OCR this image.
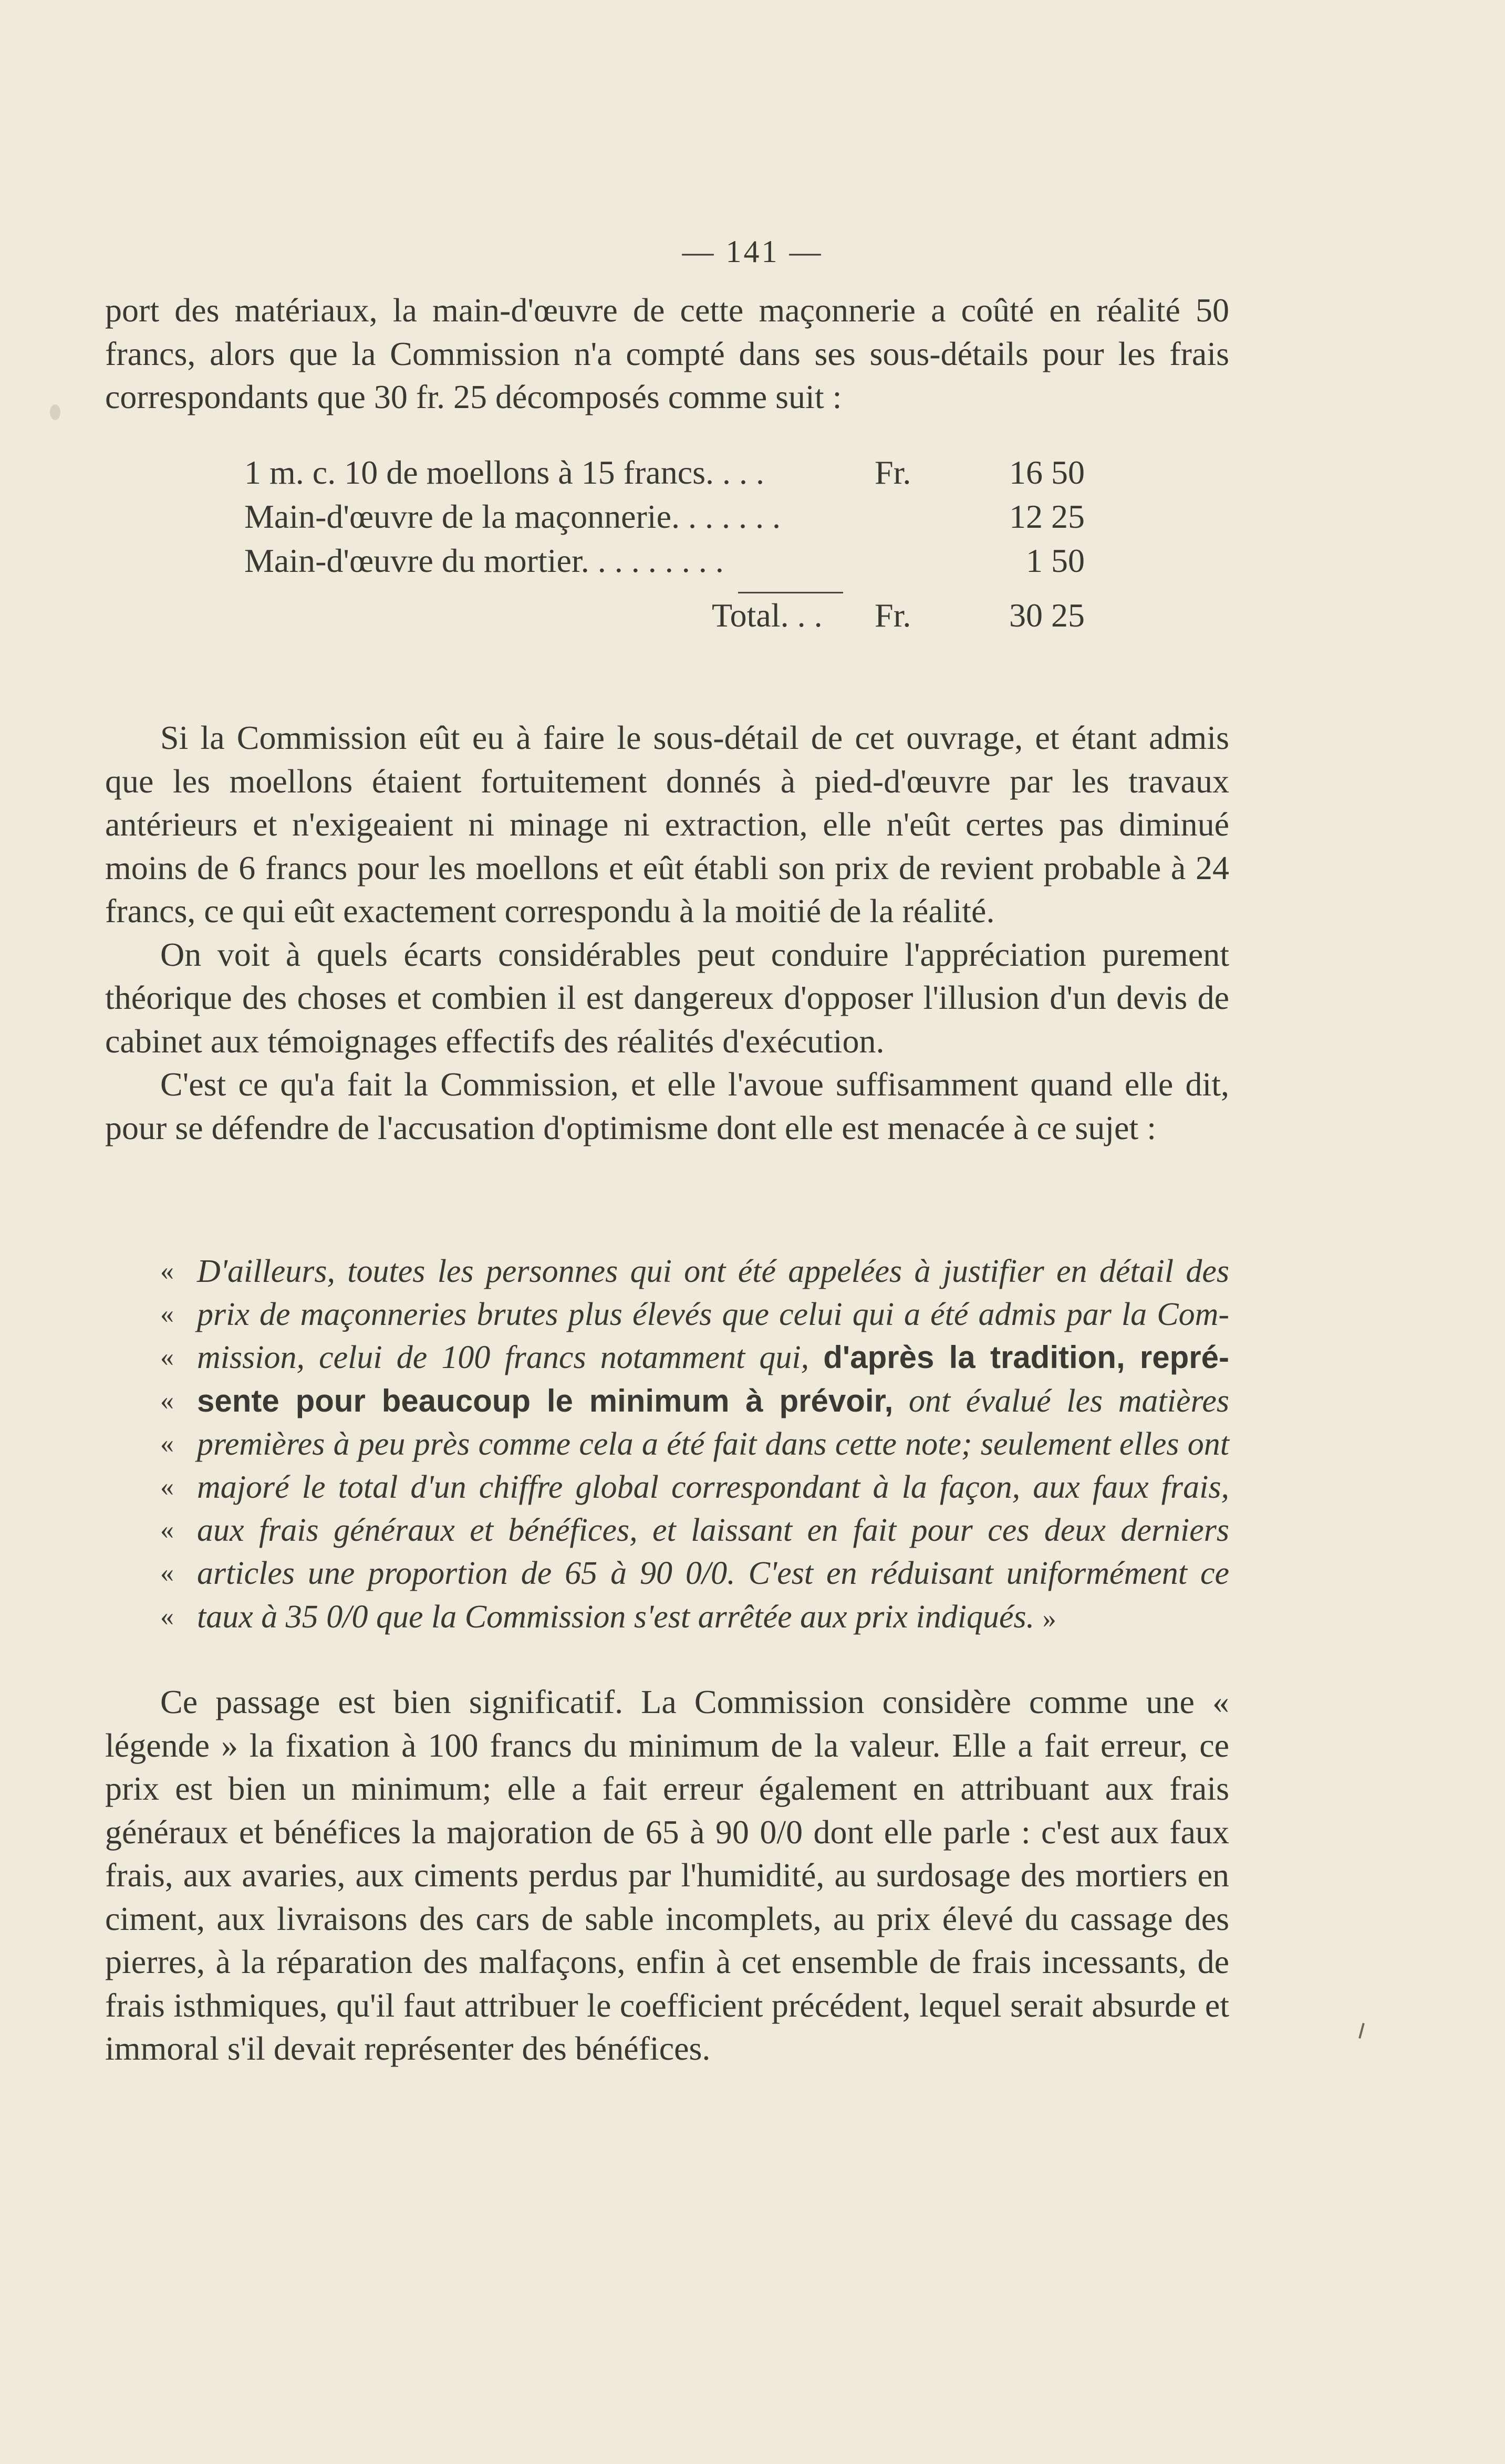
— 141 —

port des matériaux, la main-d'œuvre de cette maçonnerie a coûté en réalité 50 francs, alors que la Commission n'a compté dans ses sous-détails pour les frais correspondants que 30 fr. 25 décomposés comme suit :

1 m. c. 10 de moellons à 15 francs. . . .	Fr.	16 50
Main-d'œuvre de la maçonnerie. . . . . . .	12 25
Main-d'œuvre du mortier. . . . . . . . .	1 50
Total. . . Fr.	30 25

Si la Commission eût eu à faire le sous-détail de cet ouvrage, et étant admis que les moellons étaient fortuitement donnés à pied-d'œuvre par les travaux antérieurs et n'exigeaient ni minage ni extraction, elle n'eût certes pas diminué moins de 6 francs pour les moellons et eût établi son prix de revient probable à 24 francs, ce qui eût exactement correspondu à la moitié de la réalité.

On voit à quels écarts considérables peut conduire l'appréciation purement théorique des choses et combien il est dangereux d'opposer l'illusion d'un devis de cabinet aux témoignages effectifs des réalités d'exécution.

C'est ce qu'a fait la Commission, et elle l'avoue suffisamment quand elle dit, pour se défendre de l'accusation d'optimisme dont elle est menacée à ce sujet :

« D'ailleurs, toutes les personnes qui ont été appelées à justifier en détail des
« prix de maçonneries brutes plus élevés que celui qui a été admis par la Com-
« mission, celui de 100 francs notamment qui, d'après la tradition, repré-
« sente pour beaucoup le minimum à prévoir, ont évalué les matières
« premières à peu près comme cela a été fait dans cette note; seulement elles ont
« majoré le total d'un chiffre global correspondant à la façon, aux faux frais,
« aux frais généraux et bénéfices, et laissant en fait pour ces deux derniers
« articles une proportion de 65 à 90 0/0. C'est en réduisant uniformément ce
« taux à 35 0/0 que la Commission s'est arrêtée aux prix indiqués. »

Ce passage est bien significatif. La Commission considère comme une « légende » la fixation à 100 francs du minimum de la valeur. Elle a fait erreur, ce prix est bien un minimum; elle a fait erreur également en attribuant aux frais généraux et bénéfices la majoration de 65 à 90 0/0 dont elle parle : c'est aux faux frais, aux avaries, aux ciments perdus par l'humidité, au surdosage des mortiers en ciment, aux livraisons des cars de sable incomplets, au prix élevé du cassage des pierres, à la réparation des malfaçons, enfin à cet ensemble de frais incessants, de frais isthmiques, qu'il faut attribuer le coefficient précédent, lequel serait absurde et immoral s'il devait représenter des bénéfices.
